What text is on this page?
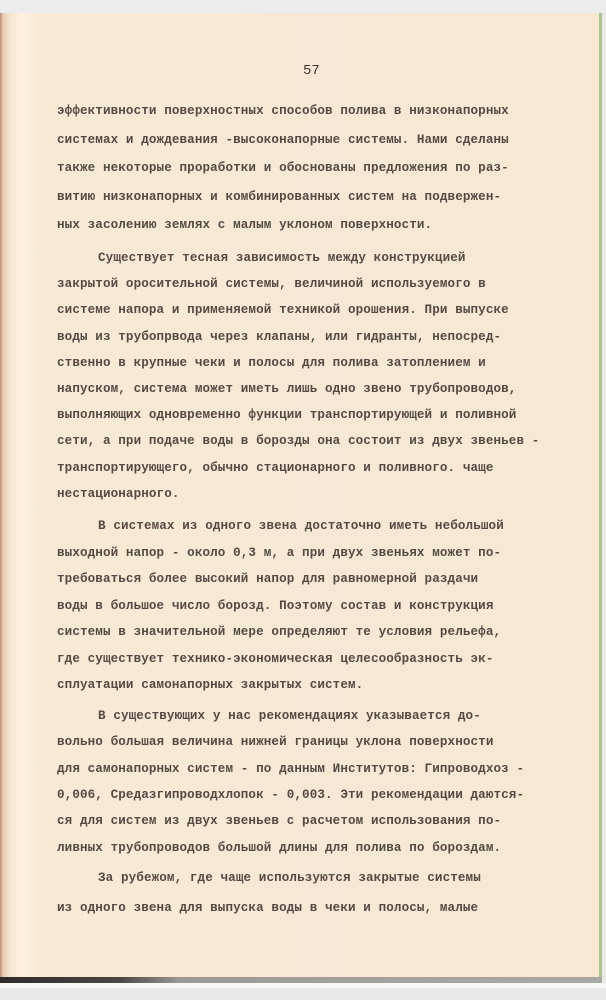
57
эффективности поверхностных способов полива в низконапорных
системах и дождевания -высоконапорные системы. Нами сделаны
также некоторые проработки и обоснованы предложения по раз-
витию низконапорных и комбинированных систем на подвержен-
ных засолению землях с малым уклоном поверхности.
Существует тесная зависимость между конструкцией
закрытой оросительной системы, величиной используемого в
системе напора и применяемой техникой орошения. При выпуске
воды из трубопрвода через клапаны, или гидранты, непосред-
ственно в крупные чеки и полосы для полива затоплением и
напуском, система может иметь лишь одно звено трубопроводов,
выполняющих одновременно функции транспортирующей и поливной
сети, а при подаче воды в борозды она состоит из двух звеньев -
транспортирующего, обычно стационарного и поливного. чаще
нестационарного.
В системах из одного звена достаточно иметь небольшой
выходной напор - около 0,3 м, а при двух звеньях может по-
требоваться более высокий напор для равномерной раздачи
воды в большое число борозд. Поэтому состав и конструкция
системы в значительной мере определяют те условия рельефа,
где существует технико-экономическая целесообразность эк-
сплуатации самонапорных закрытых систем.
В существующих у нас рекомендациях указывается до-
вольно большая величина нижней границы уклона поверхности
для самонапорных систем - по данным Институтов: Гипроводхоз -
0,006, Средазгипроводхлопок - 0,003. Эти рекомендации даются-
ся для систем из двух звеньев с расчетом использования по-
ливных трубопроводов большой длины для полива по бороздам.
За рубежом, где чаще используются закрытые системы
из одного звена для выпуска воды в чеки и полосы, малые
